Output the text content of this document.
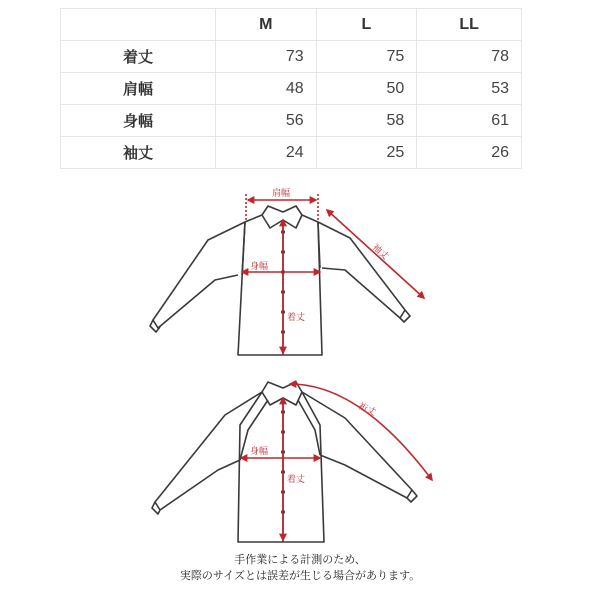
	M	L	LL
着丈	73	75	78
肩幅	48	50	53
身幅	56	58	61
袖丈	24	25	26
肩幅
身幅
着丈
袖丈
身幅
着丈
裄丈
手作業による計測のため、
実際のサイズとは誤差が生じる場合があります。
